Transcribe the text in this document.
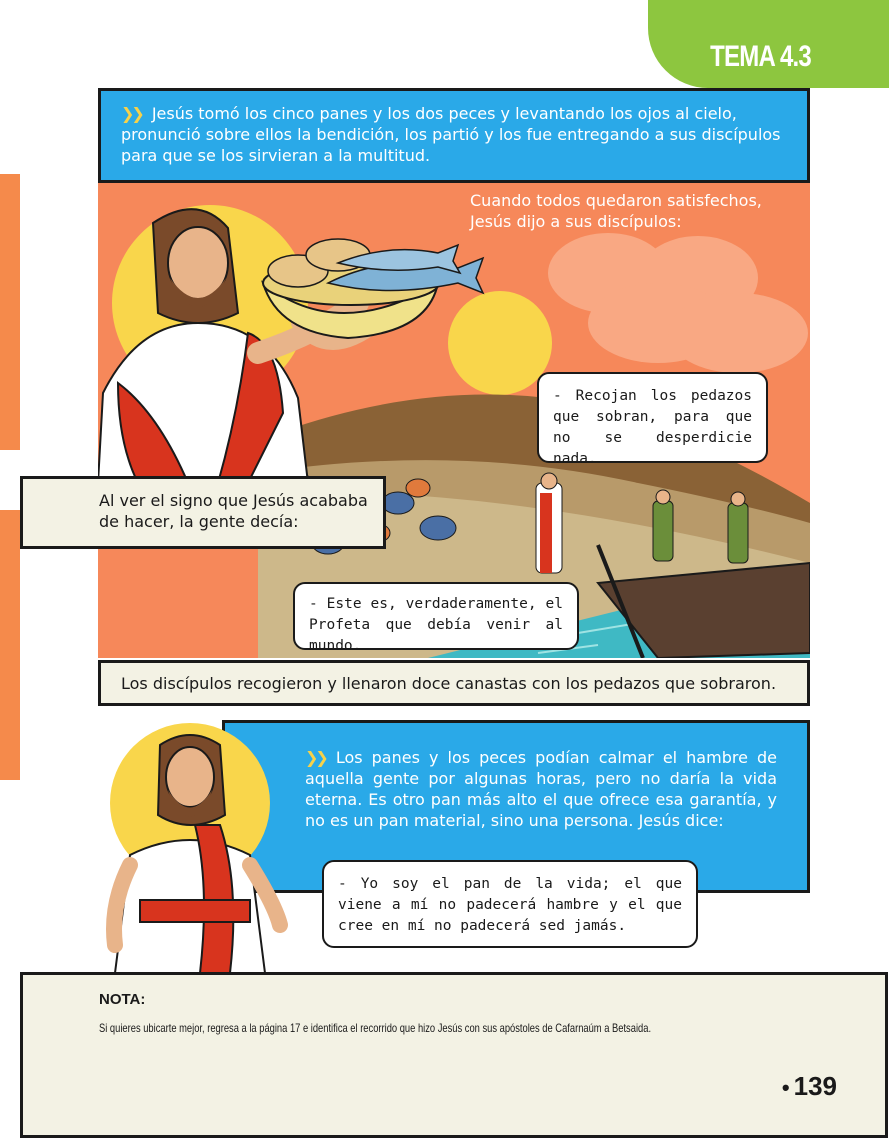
TEMA 4.3

❯❯ Jesús tomó los cinco panes y los dos peces y levantando los ojos al cielo, pronunció sobre ellos la bendición, los partió y los fue entregando a sus discípulos para que se los sirvieran a la multitud.

Cuando todos quedaron satisfechos, Jesús dijo a sus discípulos:

- Recojan los pedazos que sobran, para que no se desperdicie nada.

Al ver el signo que Jesús acababa de hacer, la gente decía:

- Este es, verdaderamente, el Profeta que debía venir al mundo.

Los discípulos recogieron y llenaron doce canastas con los pedazos que sobraron.

❯❯ Los panes y los peces podían calmar el hambre de aquella gente por algunas horas, pero no daría la vida eterna. Es otro pan más alto el que ofrece esa garantía, y no es un pan material, sino una persona. Jesús dice:

- Yo soy el pan de la vida; el que viene a mí no padecerá hambre y el que cree en mí no padecerá sed jamás.

NOTA:
Si quieres ubicarte mejor, regresa a la página 17 e identifica el recorrido que hizo Jesús con sus apóstoles de Cafarnaúm a Betsaida.
• 139
